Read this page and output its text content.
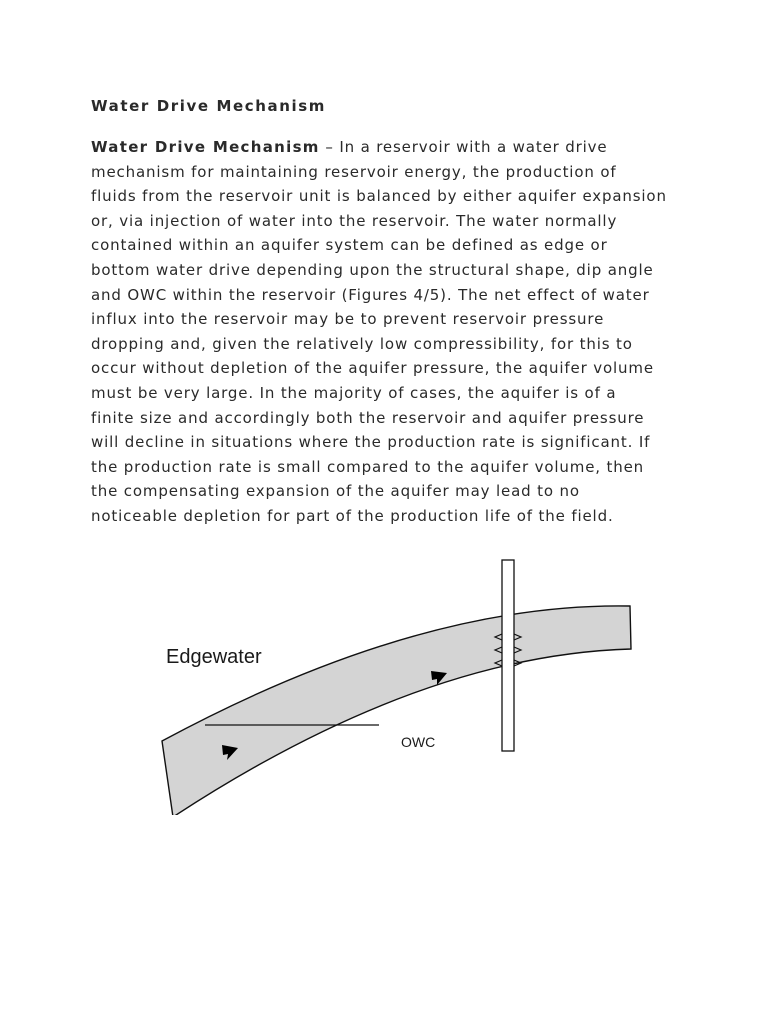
Water Drive Mechanism
Water Drive Mechanism – In a reservoir with a water drive
mechanism for maintaining reservoir energy, the production of
fluids from the reservoir unit is balanced by either aquifer expansion
or, via injection of water into the reservoir. The water normally
contained within an aquifer system can be defined as edge or
bottom water drive depending upon the structural shape, dip angle
and OWC within the reservoir (Figures 4/5). The net effect of water
influx into the reservoir may be to prevent reservoir pressure
dropping and, given the relatively low compressibility, for this to
occur without depletion of the aquifer pressure, the aquifer volume
must be very large. In the majority of cases, the aquifer is of a
finite size and accordingly both the reservoir and aquifer pressure
will decline in situations where the production rate is significant. If
the production rate is small compared to the aquifer volume, then
the compensating expansion of the aquifer may lead to no
noticeable depletion for part of the production life of the field.
Edgewater
OWC
